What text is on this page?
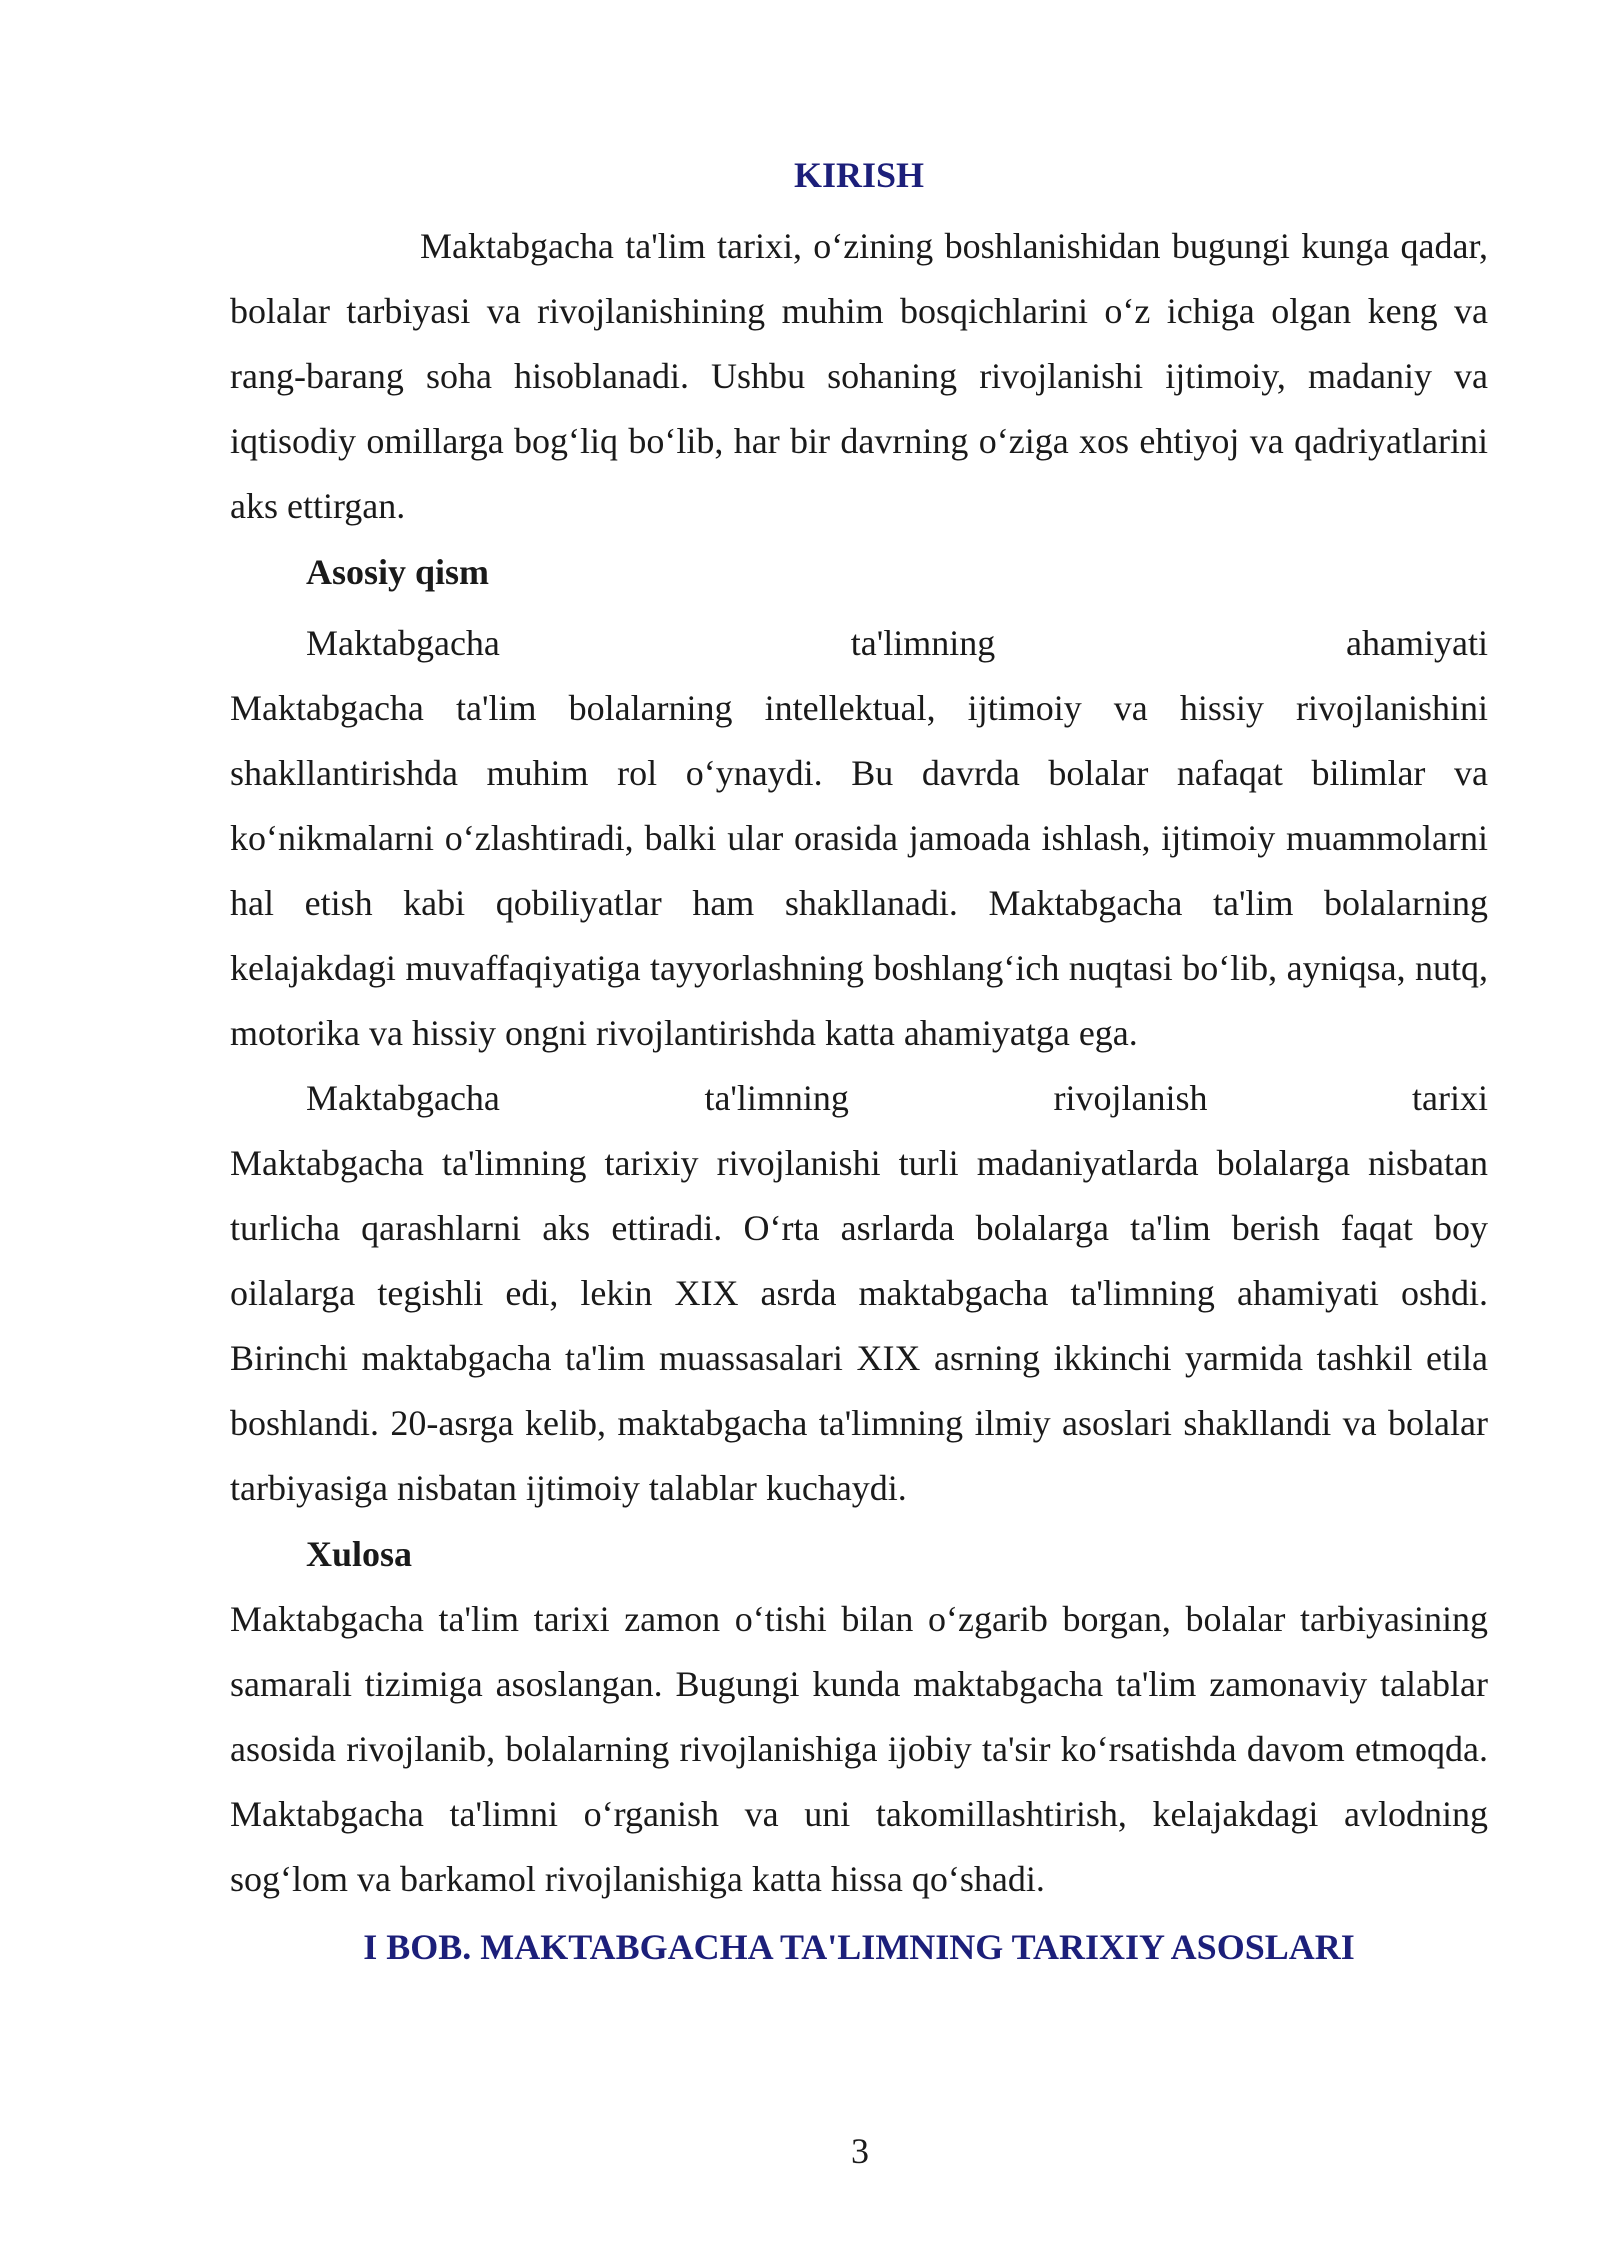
KIRISH

Maktabgacha ta'lim tarixi, o‘zining boshlanishidan bugungi kunga qadar, bolalar tarbiyasi va rivojlanishining muhim bosqichlarini o‘z ichiga olgan keng va rang-barang soha hisoblanadi. Ushbu sohaning rivojlanishi ijtimoiy, madaniy va iqtisodiy omillarga bog‘liq bo‘lib, har bir davrning o‘ziga xos ehtiyoj va qadriyatlarini aks ettirgan.

Asosiy qism

Maktabgacha	ta'limning	ahamiyati

Maktabgacha ta'lim bolalarning intellektual, ijtimoiy va hissiy rivojlanishini shakllantirishda muhim rol o‘ynaydi. Bu davrda bolalar nafaqat bilimlar va ko‘nikmalarni o‘zlashtiradi, balki ular orasida jamoada ishlash, ijtimoiy muammolarni hal etish kabi qobiliyatlar ham shakllanadi. Maktabgacha ta'lim bolalarning kelajakdagi muvaffaqiyatiga tayyorlashning boshlang‘ich nuqtasi bo‘lib, ayniqsa, nutq, motorika va hissiy ongni rivojlantirishda katta ahamiyatga ega.

Maktabgacha	ta'limning	rivojlanish	tarixi

Maktabgacha ta'limning tarixiy rivojlanishi turli madaniyatlarda bolalarga nisbatan turlicha qarashlarni aks ettiradi. O‘rta asrlarda bolalarga ta'lim berish faqat boy oilalarga tegishli edi, lekin XIX asrda maktabgacha ta'limning ahamiyati oshdi. Birinchi maktabgacha ta'lim muassasalari XIX asrning ikkinchi yarmida tashkil etila boshlandi. 20-asrga kelib, maktabgacha ta'limning ilmiy asoslari shakllandi va bolalar tarbiyasiga nisbatan ijtimoiy talablar kuchaydi.

Xulosa

Maktabgacha ta'lim tarixi zamon o‘tishi bilan o‘zgarib borgan, bolalar tarbiyasining samarali tizimiga asoslangan. Bugungi kunda maktabgacha ta'lim zamonaviy talablar asosida rivojlanib, bolalarning rivojlanishiga ijobiy ta'sir ko‘rsatishda davom etmoqda. Maktabgacha ta'limni o‘rganish va uni takomillashtirish, kelajakdagi avlodning sog‘lom va barkamol rivojlanishiga katta hissa qo‘shadi.

I BOB. MAKTABGACHA TA'LIMNING TARIXIY ASOSLARI

3
